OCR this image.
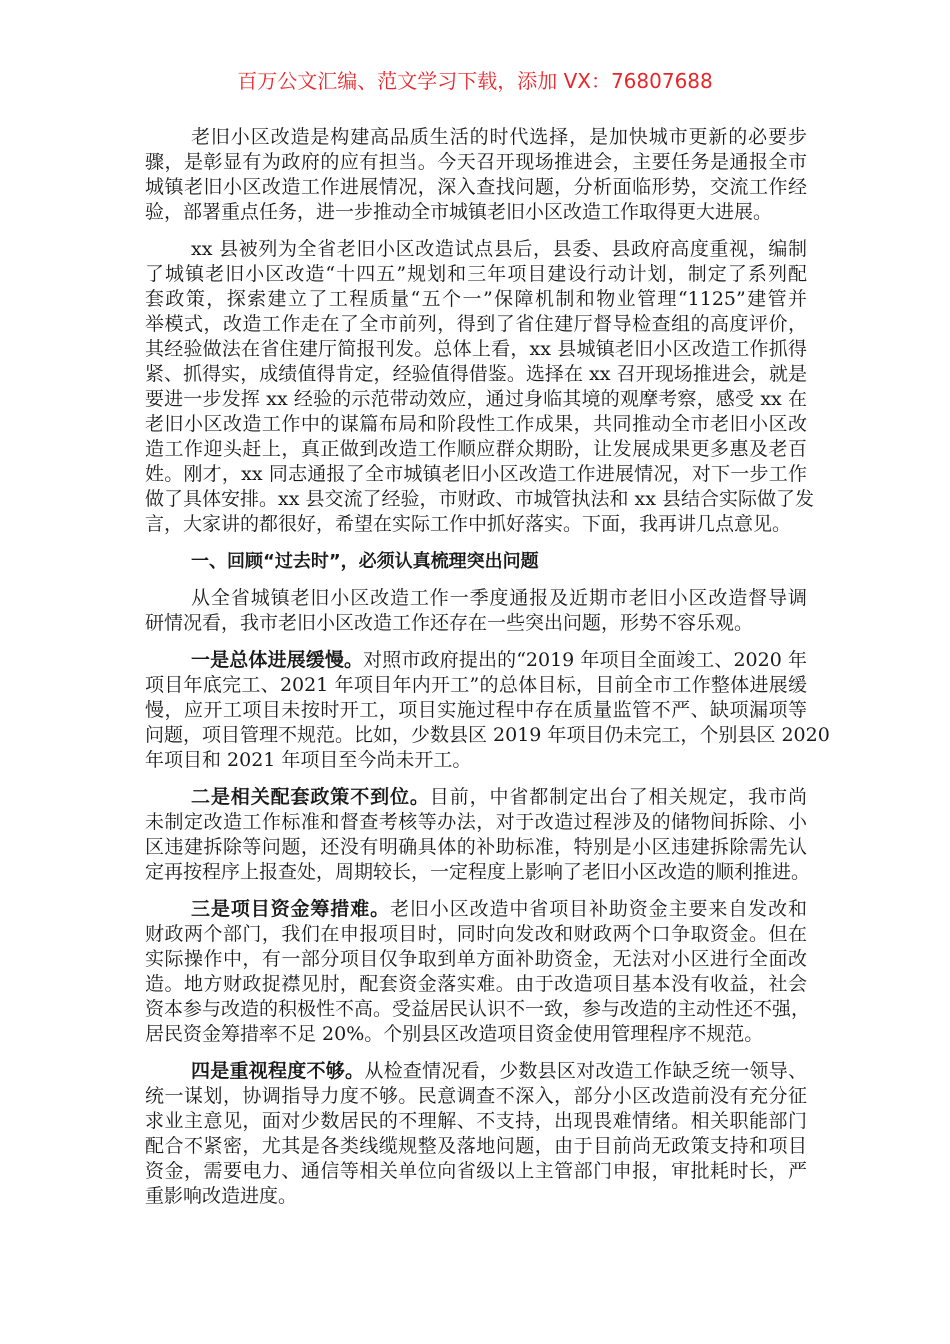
百万公文汇编、范文学习下载，添加 VX：76807688
老旧小区改造是构建高品质生活的时代选择，是加快城市更新的必要步
骤，是彰显有为政府的应有担当。今天召开现场推进会，主要任务是通报全市
城镇老旧小区改造工作进展情况，深入查找问题，分析面临形势，交流工作经
验，部署重点任务，进一步推动全市城镇老旧小区改造工作取得更大进展。
xx 县被列为全省老旧小区改造试点县后，县委、县政府高度重视，编制
了城镇老旧小区改造“十四五”规划和三年项目建设行动计划，制定了系列配
套政策，探索建立了工程质量“五个一”保障机制和物业管理“1125”建管并
举模式，改造工作走在了全市前列，得到了省住建厅督导检查组的高度评价，
其经验做法在省住建厅简报刊发。总体上看，xx 县城镇老旧小区改造工作抓得
紧、抓得实，成绩值得肯定，经验值得借鉴。选择在 xx 召开现场推进会，就是
要进一步发挥 xx 经验的示范带动效应，通过身临其境的观摩考察，感受 xx 在
老旧小区改造工作中的谋篇布局和阶段性工作成果，共同推动全市老旧小区改
造工作迎头赶上，真正做到改造工作顺应群众期盼，让发展成果更多惠及老百
姓。刚才，xx 同志通报了全市城镇老旧小区改造工作进展情况，对下一步工作
做了具体安排。xx 县交流了经验，市财政、市城管执法和 xx 县结合实际做了发
言，大家讲的都很好，希望在实际工作中抓好落实。下面，我再讲几点意见。
一、回顾“过去时”，必须认真梳理突出问题
从全省城镇老旧小区改造工作一季度通报及近期市老旧小区改造督导调
研情况看，我市老旧小区改造工作还存在一些突出问题，形势不容乐观。
一是总体进展缓慢。对照市政府提出的“2019 年项目全面竣工、2020 年
项目年底完工、2021 年项目年内开工”的总体目标，目前全市工作整体进展缓
慢，应开工项目未按时开工，项目实施过程中存在质量监管不严、缺项漏项等
问题，项目管理不规范。比如，少数县区 2019 年项目仍未完工，个别县区 2020
年项目和 2021 年项目至今尚未开工。
二是相关配套政策不到位。目前，中省都制定出台了相关规定，我市尚
未制定改造工作标准和督查考核等办法，对于改造过程涉及的储物间拆除、小
区违建拆除等问题，还没有明确具体的补助标准，特别是小区违建拆除需先认
定再按程序上报查处，周期较长，一定程度上影响了老旧小区改造的顺利推进。
三是项目资金筹措难。老旧小区改造中省项目补助资金主要来自发改和
财政两个部门，我们在申报项目时，同时向发改和财政两个口争取资金。但在
实际操作中，有一部分项目仅争取到单方面补助资金，无法对小区进行全面改
造。地方财政捉襟见肘，配套资金落实难。由于改造项目基本没有收益，社会
资本参与改造的积极性不高。受益居民认识不一致，参与改造的主动性还不强，
居民资金筹措率不足 20%。个别县区改造项目资金使用管理程序不规范。
四是重视程度不够。从检查情况看，少数县区对改造工作缺乏统一领导、
统一谋划，协调指导力度不够。民意调查不深入，部分小区改造前没有充分征
求业主意见，面对少数居民的不理解、不支持，出现畏难情绪。相关职能部门
配合不紧密，尤其是各类线缆规整及落地问题，由于目前尚无政策支持和项目
资金，需要电力、通信等相关单位向省级以上主管部门申报，审批耗时长，严
重影响改造进度。
